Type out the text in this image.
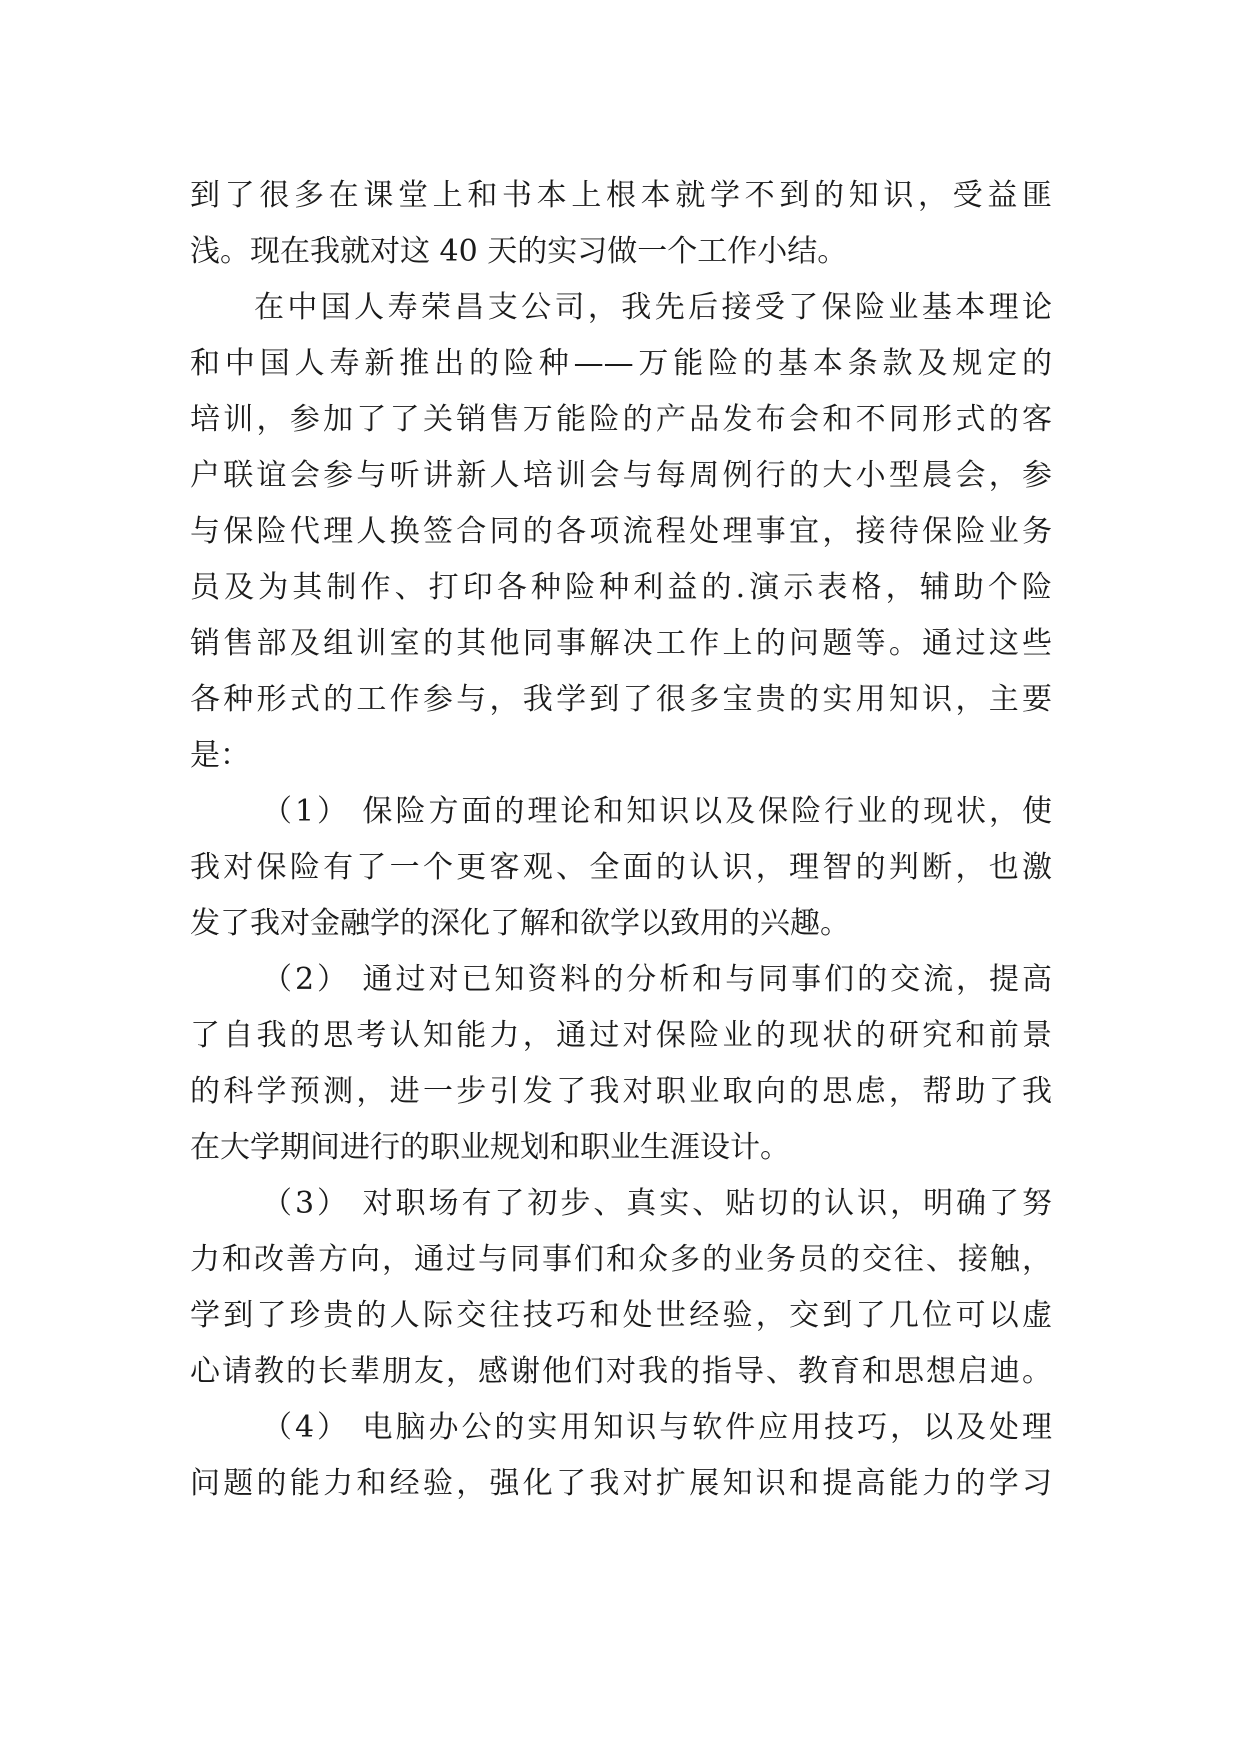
到了很多在课堂上和书本上根本就学不到的知识，受益匪
浅。现在我就对这 40 天的实习做一个工作小结。
在中国人寿荣昌支公司，我先后接受了保险业基本理论
和中国人寿新推出的险种——万能险的基本条款及规定的
培训，参加了了关销售万能险的产品发布会和不同形式的客
户联谊会参与听讲新人培训会与每周例行的大小型晨会，参
与保险代理人换签合同的各项流程处理事宜，接待保险业务
员及为其制作、打印各种险种利益的.演示表格，辅助个险
销售部及组训室的其他同事解决工作上的问题等。通过这些
各种形式的工作参与，我学到了很多宝贵的实用知识，主要
是：
（1） 保险方面的理论和知识以及保险行业的现状，使
我对保险有了一个更客观、全面的认识，理智的判断，也激
发了我对金融学的深化了解和欲学以致用的兴趣。
（2） 通过对已知资料的分析和与同事们的交流，提高
了自我的思考认知能力，通过对保险业的现状的研究和前景
的科学预测，进一步引发了我对职业取向的思虑，帮助了我
在大学期间进行的职业规划和职业生涯设计。
（3） 对职场有了初步、真实、贴切的认识，明确了努
力和改善方向，通过与同事们和众多的业务员的交往、接触，
学到了珍贵的人际交往技巧和处世经验，交到了几位可以虚
心请教的长辈朋友，感谢他们对我的指导、教育和思想启迪。
（4） 电脑办公的实用知识与软件应用技巧，以及处理
问题的能力和经验，强化了我对扩展知识和提高能力的学习
